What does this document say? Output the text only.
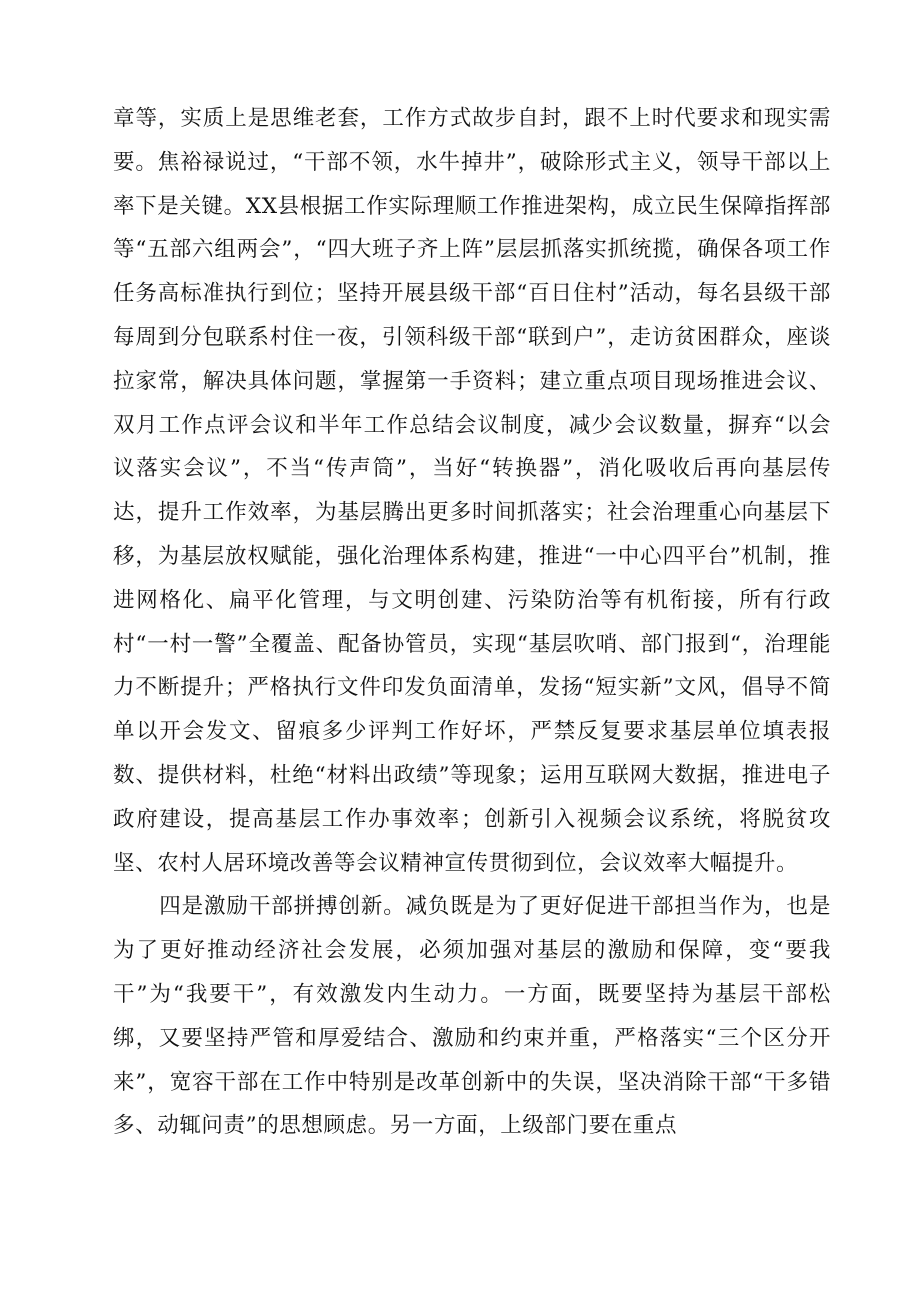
章等，实质上是思维老套，工作方式故步自封，跟不上时代要求和现实需要。焦裕禄说过，“干部不领，水牛掉井”，破除形式主义，领导干部以上率下是关键。XX县根据工作实际理顺工作推进架构，成立民生保障指挥部等“五部六组两会”，“四大班子齐上阵”层层抓落实抓统揽，确保各项工作任务高标准执行到位；坚持开展县级干部“百日住村”活动，每名县级干部每周到分包联系村住一夜，引领科级干部“联到户”，走访贫困群众，座谈拉家常，解决具体问题，掌握第一手资料；建立重点项目现场推进会议、双月工作点评会议和半年工作总结会议制度，减少会议数量，摒弃“以会议落实会议”，不当“传声筒”，当好“转换器”，消化吸收后再向基层传达，提升工作效率，为基层腾出更多时间抓落实；社会治理重心向基层下移，为基层放权赋能，强化治理体系构建，推进“一中心四平台”机制，推进网格化、扁平化管理，与文明创建、污染防治等有机衔接，所有行政村“一村一警”全覆盖、配备协管员，实现“基层吹哨、部门报到“，治理能力不断提升；严格执行文件印发负面清单，发扬“短实新”文风，倡导不简单以开会发文、留痕多少评判工作好坏，严禁反复要求基层单位填表报数、提供材料，杜绝“材料出政绩”等现象；运用互联网大数据，推进电子政府建设，提高基层工作办事效率；创新引入视频会议系统，将脱贫攻坚、农村人居环境改善等会议精神宣传贯彻到位，会议效率大幅提升。

四是激励干部拼搏创新。减负既是为了更好促进干部担当作为，也是为了更好推动经济社会发展，必须加强对基层的激励和保障，变“要我干”为“我要干”，有效激发内生动力。一方面，既要坚持为基层干部松绑，又要坚持严管和厚爱结合、激励和约束并重，严格落实“三个区分开来”，宽容干部在工作中特别是改革创新中的失误，坚决消除干部“干多错多、动辄问责”的思想顾虑。另一方面，上级部门要在重点
